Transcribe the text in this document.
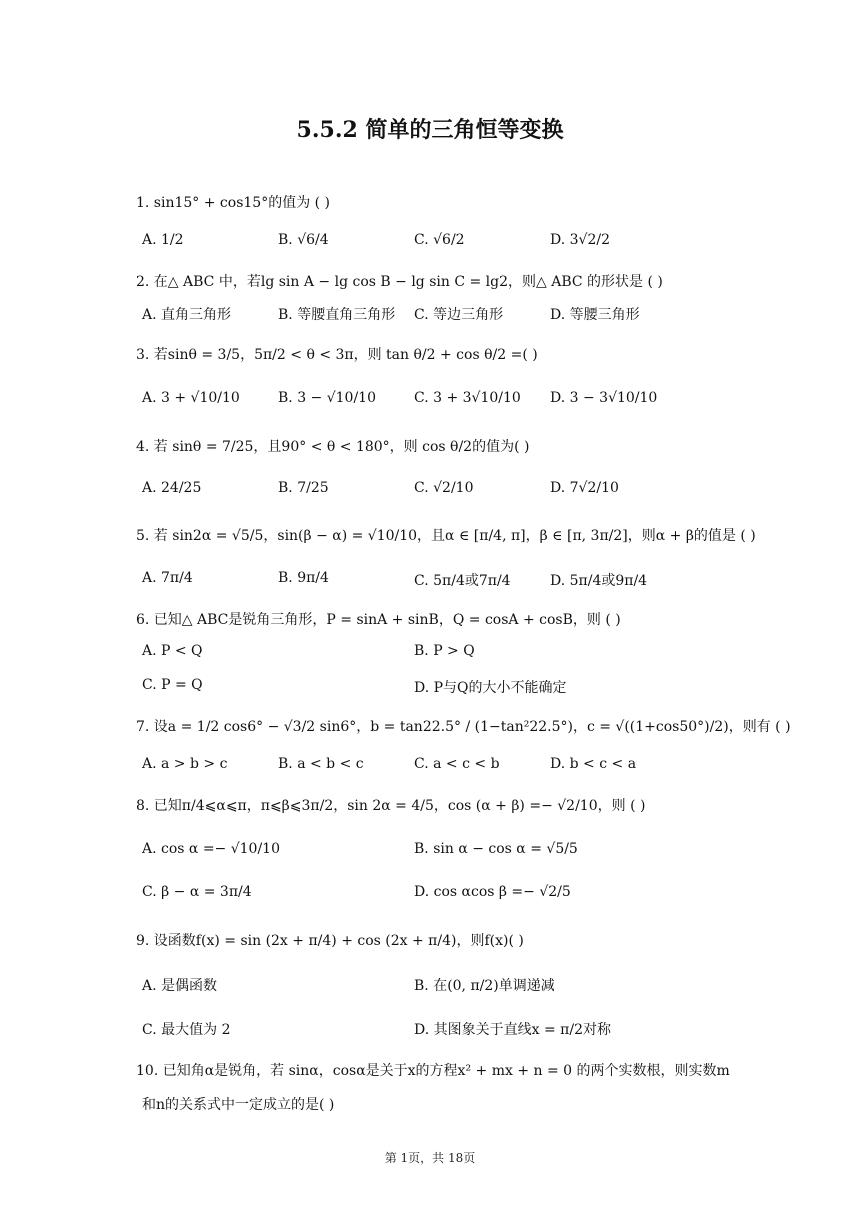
5.5.2 简单的三角恒等变换
1. sin15° + cos15°的值为 ( )
A. 1/2	B. √6/4	C. √6/2	D. 3√2/2
2. 在△ ABC 中，若lg sin A − lg cos B − lg sin C = lg2，则△ ABC 的形状是 ( )
A. 直角三角形	B. 等腰直角三角形 C. 等边三角形	D. 等腰三角形
3. 若sinθ = 3/5，5π/2 < θ < 3π，则 tan θ/2 + cos θ/2 =( )
A. 3 + √10/10	B. 3 − √10/10	C. 3 + 3√10/10 D. 3 − 3√10/10
4. 若 sinθ = 7/25，且90° < θ < 180°，则 cos θ/2的值为( )
A. 24/25	B. 7/25	C. √2/10	D. 7√2/10
5. 若 sin2α = √5/5，sin(β − α) = √10/10，且α ∈ [π/4, π]，β ∈ [π, 3π/2]，则α + β的值是 ( )
A. 7π/4	B. 9π/4	C. 5π/4或7π/4	D. 5π/4或9π/4
6. 已知△ ABC是锐角三角形，P = sinA + sinB，Q = cosA + cosB，则 ( )
A. P < Q	B. P > Q
C. P = Q	D. P与Q的大小不能确定
7. 设a = 1/2 cos6° − √3/2 sin6°，b = tan22.5° / (1−tan²22.5°)，c = √((1+cos50°)/2)，则有 ( )
A. a > b > c	B. a < b < c	C. a < c < b	D. b < c < a
8. 已知π/4⩽α⩽π，π⩽β⩽3π/2，sin 2α = 4/5，cos (α + β) =− √2/10，则 ( )
A. cos α =− √10/10	B. sin α − cos α = √5/5
C. β − α = 3π/4	D. cos αcos β =− √2/5
9. 设函数f(x) = sin (2x + π/4) + cos (2x + π/4)，则f(x)( )
A. 是偶函数	B. 在(0, π/2)单调递减
C. 最大值为 2	D. 其图象关于直线x = π/2对称
10. 已知角α是锐角，若 sinα，cosα是关于x的方程x² + mx + n = 0 的两个实数根，则实数m
和n的关系式中一定成立的是( )
第 1页，共 18页
